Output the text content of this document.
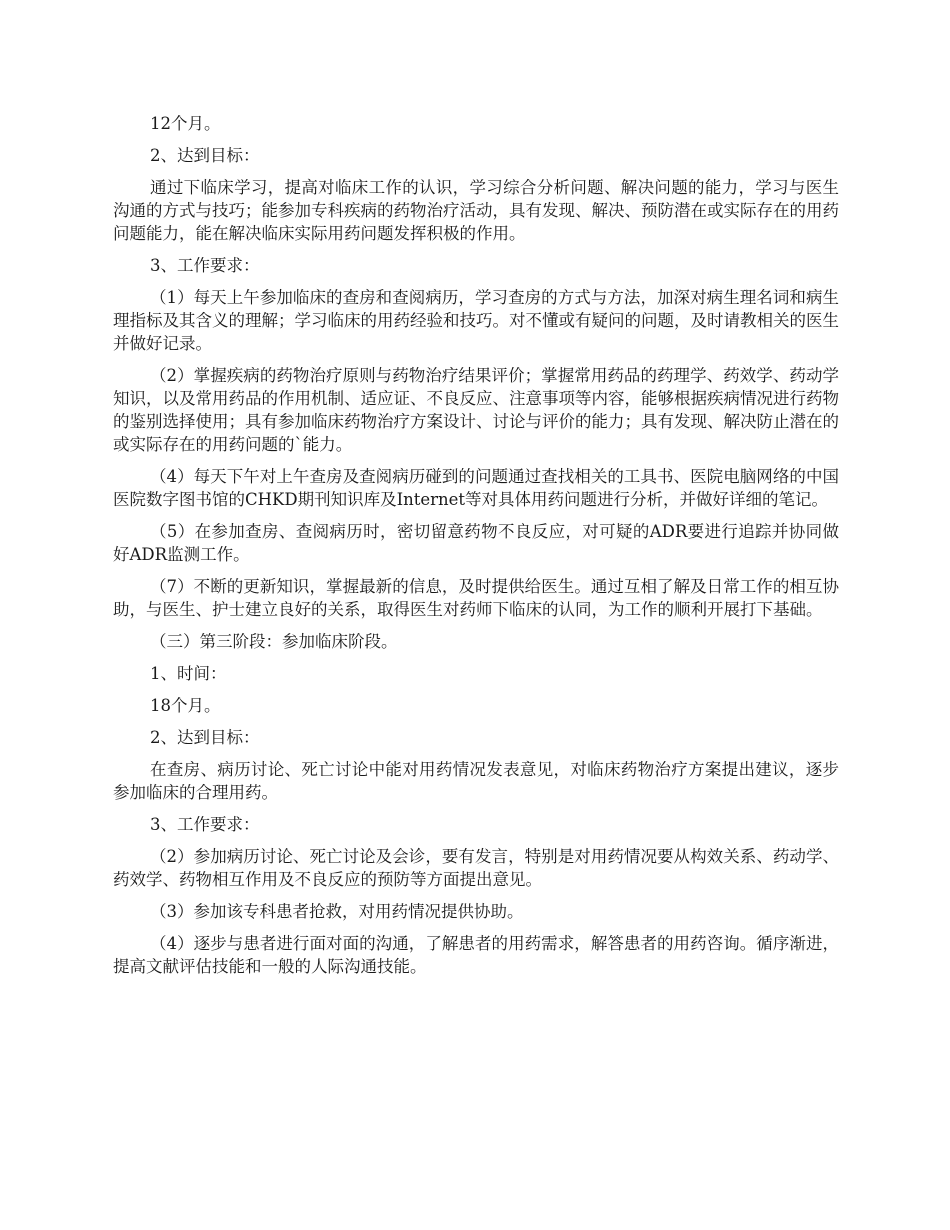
12个月。

2、达到目标：

通过下临床学习，提高对临床工作的认识，学习综合分析问题、解决问题的能力，学习与医生沟通的方式与技巧；能参加专科疾病的药物治疗活动，具有发现、解决、预防潜在或实际存在的用药问题能力，能在解决临床实际用药问题发挥积极的作用。

3、工作要求：

（1）每天上午参加临床的查房和查阅病历，学习查房的方式与方法，加深对病生理名词和病生理指标及其含义的理解；学习临床的用药经验和技巧。对不懂或有疑问的问题，及时请教相关的医生并做好记录。

（2）掌握疾病的药物治疗原则与药物治疗结果评价；掌握常用药品的药理学、药效学、药动学知识，以及常用药品的作用机制、适应证、不良反应、注意事项等内容，能够根据疾病情况进行药物的鉴别选择使用；具有参加临床药物治疗方案设计、讨论与评价的能力；具有发现、解决防止潜在的或实际存在的用药问题的`能力。

（4）每天下午对上午查房及查阅病历碰到的问题通过查找相关的工具书、医院电脑网络的中国医院数字图书馆的CHKD期刊知识库及Internet等对具体用药问题进行分析，并做好详细的笔记。

（5）在参加查房、查阅病历时，密切留意药物不良反应，对可疑的ADR要进行追踪并协同做好ADR监测工作。

（7）不断的更新知识，掌握最新的信息，及时提供给医生。通过互相了解及日常工作的相互协助，与医生、护士建立良好的关系，取得医生对药师下临床的认同，为工作的顺利开展打下基础。

（三）第三阶段：参加临床阶段。

1、时间：

18个月。

2、达到目标：

在查房、病历讨论、死亡讨论中能对用药情况发表意见，对临床药物治疗方案提出建议，逐步参加临床的合理用药。

3、工作要求：

（2）参加病历讨论、死亡讨论及会诊，要有发言，特别是对用药情况要从构效关系、药动学、药效学、药物相互作用及不良反应的预防等方面提出意见。

（3）参加该专科患者抢救，对用药情况提供协助。

（4）逐步与患者进行面对面的沟通，了解患者的用药需求，解答患者的用药咨询。循序渐进，提高文献评估技能和一般的人际沟通技能。
